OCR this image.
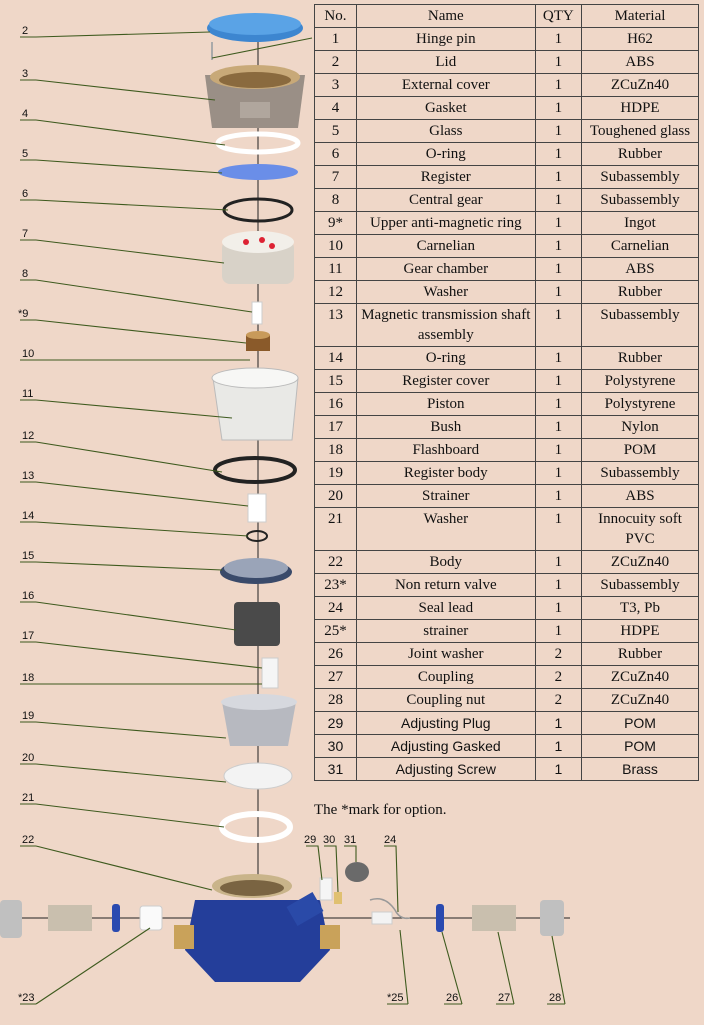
2
3
4
5
6
7
8
*9
10
11
12
13
14
15
16
17
18
19
20
21
22
*23
29 30 31	24
*25	26	27	28
No.	Name	QTY	Material
1	Hinge pin	1	H62
2	Lid	1	ABS
3	External cover	1	ZCuZn40
4	Gasket	1	HDPE
5	Glass	1	Toughened glass
6	O-ring	1	Rubber
7	Register	1	Subassembly
8	Central gear	1	Subassembly
9*	Upper anti-magnetic ring	1	Ingot
10	Carnelian	1	Carnelian
11	Gear chamber	1	ABS
12	Washer	1	Rubber
13	Magnetic transmission shaft assembly	1	Subassembly
14	O-ring	1	Rubber
15	Register cover	1	Polystyrene
16	Piston	1	Polystyrene
17	Bush	1	Nylon
18	Flashboard	1	POM
19	Register body	1	Subassembly
20	Strainer	1	ABS
21	Washer	1	Innocuity soft PVC
22	Body	1	ZCuZn40
23*	Non return valve	1	Subassembly
24	Seal lead	1	T3, Pb
25*	strainer	1	HDPE
26	Joint washer	2	Rubber
27	Coupling	2	ZCuZn40
28	Coupling nut	2	ZCuZn40
29	Adjusting Plug	1	POM
30	Adjusting Gasked	1	POM
31	Adjusting Screw	1	Brass
The *mark for option.
